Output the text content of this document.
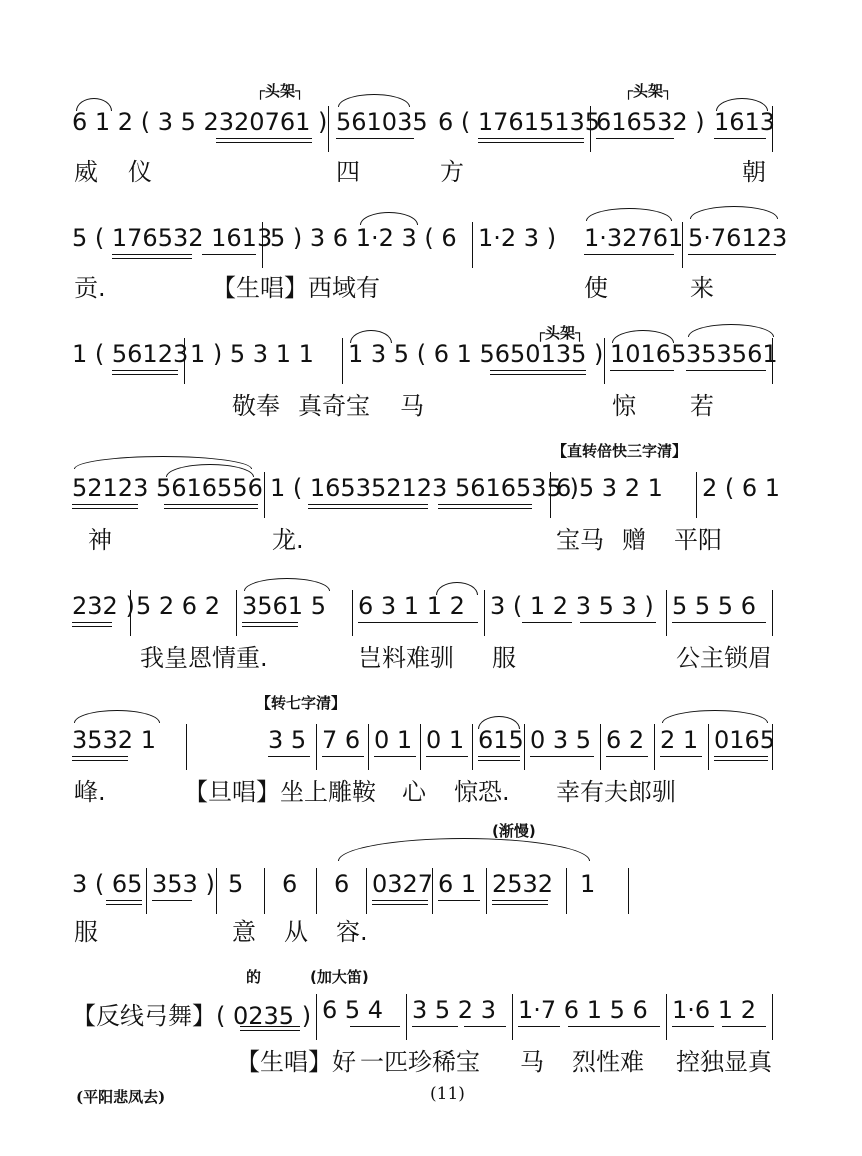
┌头架┐	┌头架┐
6 1 2 ( 3 5 2320761 ) 561035 6 ( 17615135
616532 ) 1613
威 仪	四	方	朝
5 ( 176532 1613
5 ) 3 6 1·2 3 ( 6 1·2 3 ) 1·32761 5·76123
贡.	【生唱】西域有	使	来
┌头架┐
1 ( 56123 1 ) 5 3 1 1 1 3 5 ( 6 1 5650135 ) 10165 353561
敬奉 真奇宝 马	惊 若
【直转倍快三字清】
52123 5616556 1 ( 165352123 5616535 )
6 5 3 2 1 2 ( 6 1
神	龙.	宝马 赠 平阳
232 ) 5 2 6 2 3561 5 6 3 1 1 2 3 ( 1 2 3 5 3 ) 5 5 5 6
我皇恩情重.	岂料难驯 服	公主锁眉
【转七字清】
3532 1	3 5 7 6 0 1 0 1 615 0 3 5 6 2 2 1 0165
峰.	【旦唱】坐上雕鞍 心 惊恐. 幸有夫郎驯
(渐慢)
3 ( 65 353 ) 5 6 6 0327 6 1 2532 1
服	意 从 容.
的	(加大笛)
【反线弓舞】( 0235 ) 6 5 4 3 5 2 3 1·7 6 1 5 6 1·6 1 2
【生唱】好 一匹珍稀宝 马 烈性难 控独显真
(平阳悲凤去)	(11)
